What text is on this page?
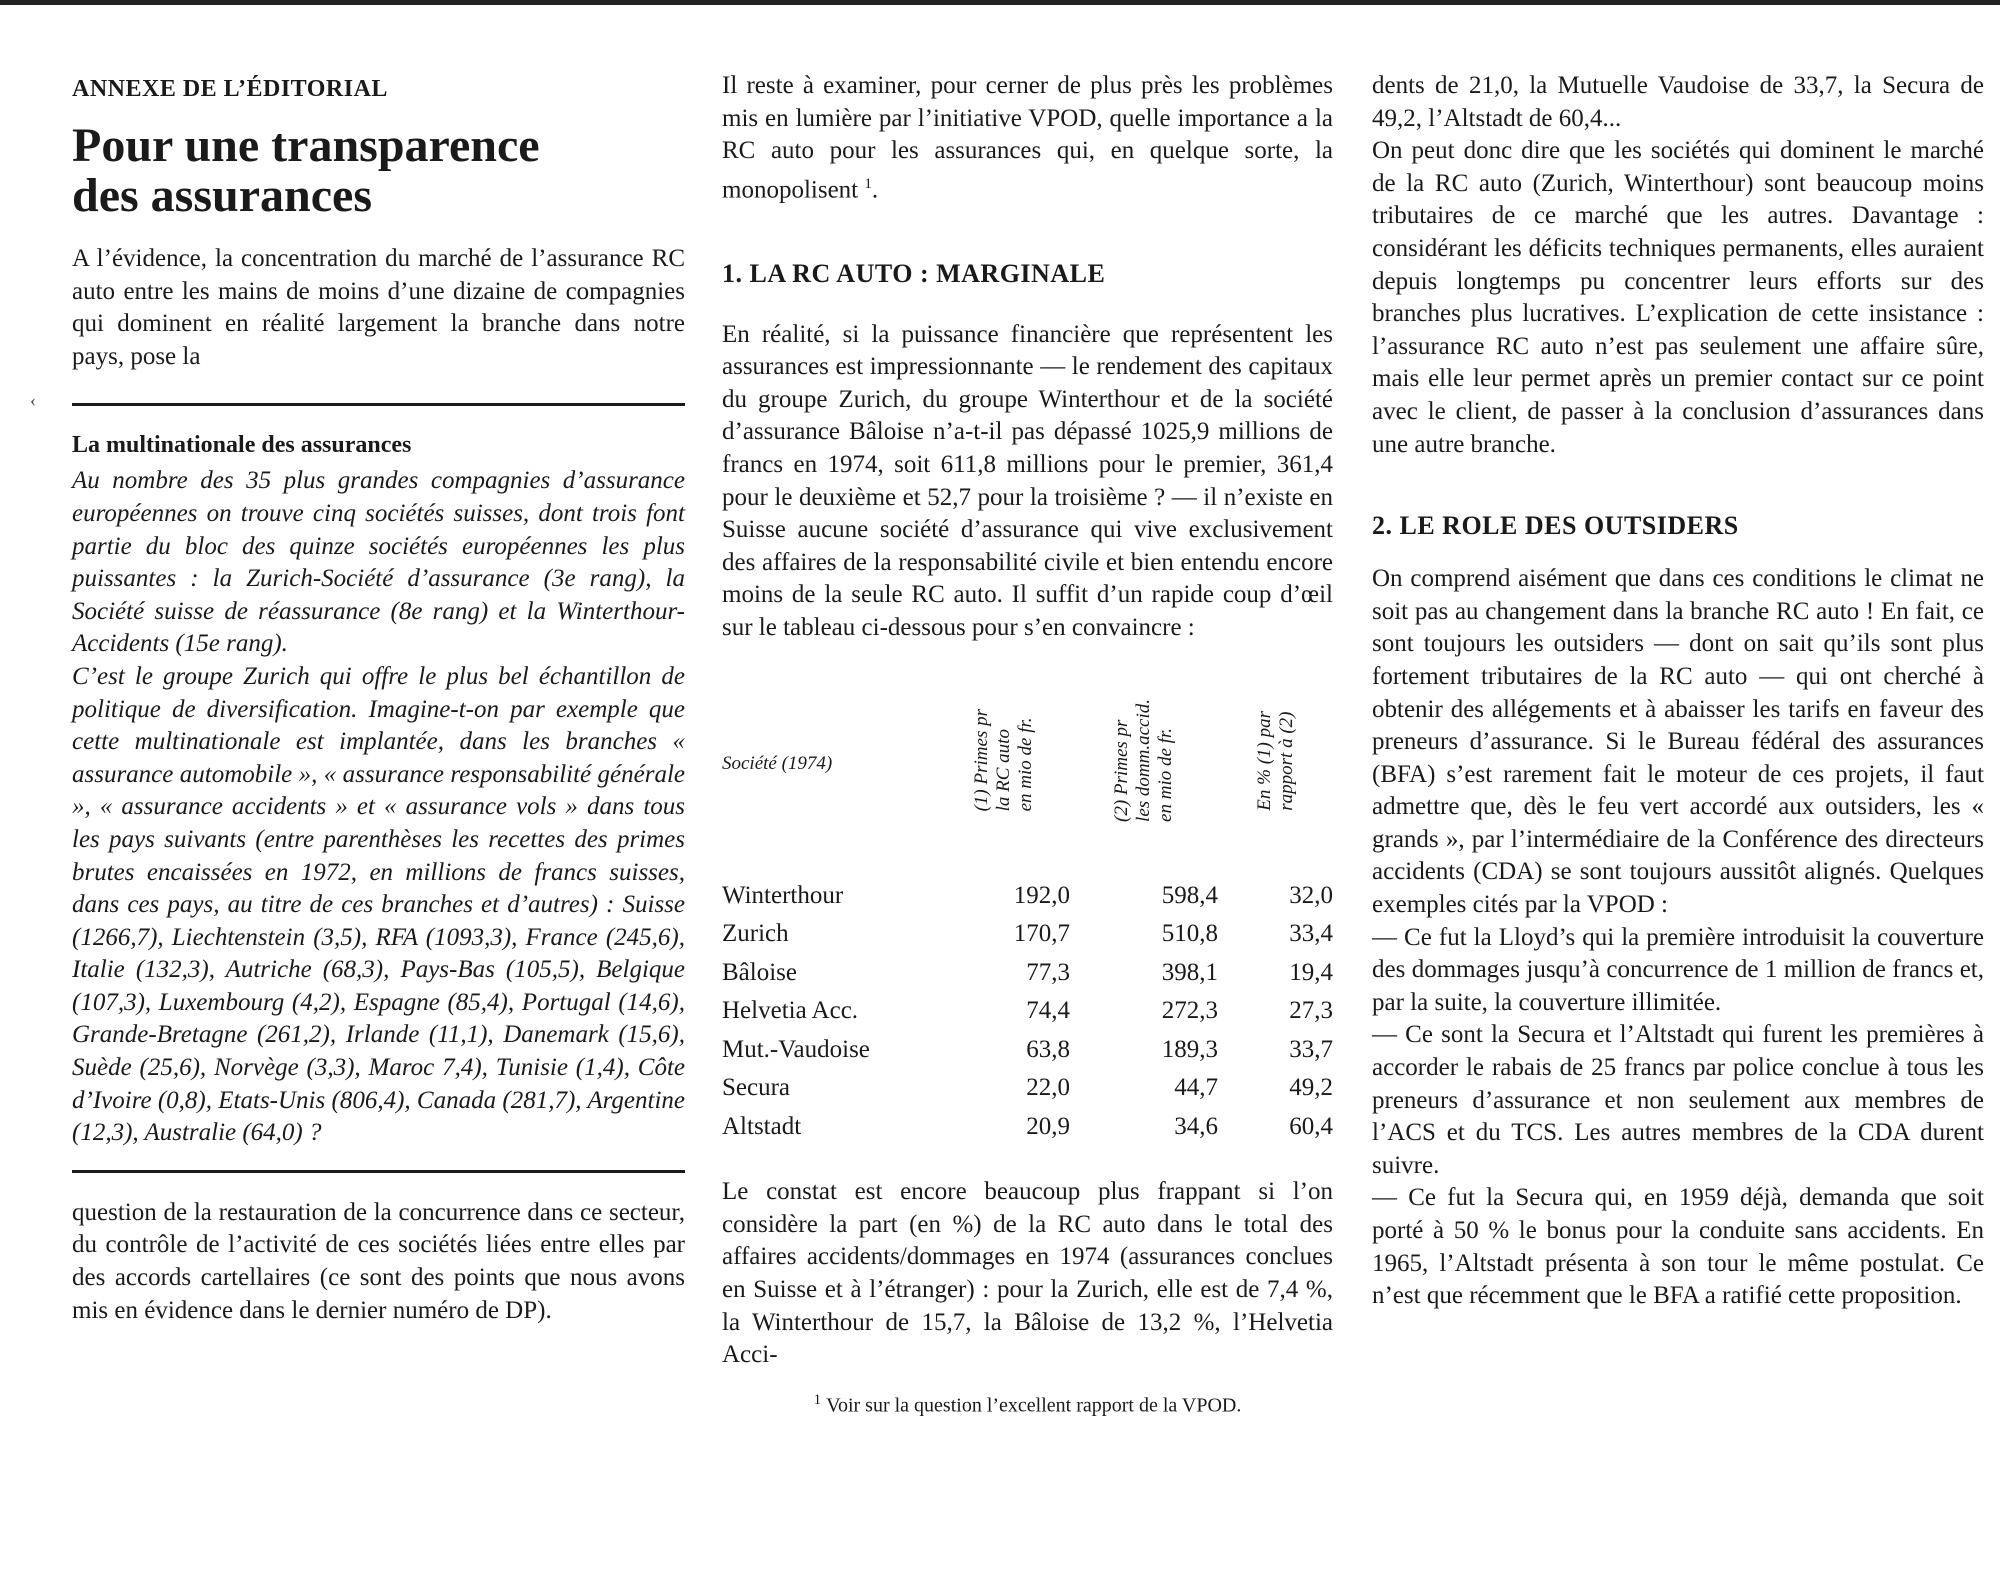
‹
ANNEXE DE L’ÉDITORIAL
Pour une transparence
des assurances

A l’évidence, la concentration du marché de l’assurance RC auto entre les mains de moins d’une dizaine de compagnies qui dominent en réalité largement la branche dans notre pays, pose la

La multinationale des assurances

Au nombre des 35 plus grandes compagnies d’assurance européennes on trouve cinq sociétés suisses, dont trois font partie du bloc des quinze sociétés européennes les plus puissantes : la Zurich-Société d’assurance (3e rang), la Société suisse de réassurance (8e rang) et la Winterthour-Accidents (15e rang).

C’est le groupe Zurich qui offre le plus bel échantillon de politique de diversification. Imagine-t-on par exemple que cette multinationale est implantée, dans les branches « assurance automobile », « assurance responsabilité générale », « assurance accidents » et « assurance vols » dans tous les pays suivants (entre parenthèses les recettes des primes brutes encaissées en 1972, en millions de francs suisses, dans ces pays, au titre de ces branches et d’autres) : Suisse (1266,7), Liechtenstein (3,5), RFA (1093,3), France (245,6), Italie (132,3), Autriche (68,3), Pays-Bas (105,5), Belgique (107,3), Luxembourg (4,2), Espagne (85,4), Portugal (14,6), Grande-Bretagne (261,2), Irlande (11,1), Danemark (15,6), Suède (25,6), Norvège (3,3), Maroc 7,4), Tunisie (1,4), Côte d’Ivoire (0,8), Etats-Unis (806,4), Canada (281,7), Argentine (12,3), Australie (64,0) ?

question de la restauration de la concurrence dans ce secteur, du contrôle de l’activité de ces sociétés liées entre elles par des accords cartellaires (ce sont des points que nous avons mis en évidence dans le dernier numéro de DP).

Il reste à examiner, pour cerner de plus près les problèmes mis en lumière par l’initiative VPOD, quelle importance a la RC auto pour les assurances qui, en quelque sorte, la monopolisent $^1$.

1. LA RC AUTO : MARGINALE

En réalité, si la puissance financière que représentent les assurances est impressionnante — le rendement des capitaux du groupe Zurich, du groupe Winterthour et de la société d’assurance Bâloise n’a-t-il pas dépassé 1025,9 millions de francs en 1974, soit 611,8 millions pour le premier, 361,4 pour le deuxième et 52,7 pour la troisième ? — il n’existe en Suisse aucune société d’assurance qui vive exclusivement des affaires de la responsabilité civile et bien entendu encore moins de la seule RC auto. Il suffit d’un rapide coup d’œil sur le tableau ci-dessous pour s’en convaincre :

Société (1974)	(1) Primes pr
la RC auto
en mio de fr.	(2) Primes pr
les domm.accid.
en mio de fr.	En % (1) par
rapport à (2)
Winterthour	192,0	598,4	32,0
Zurich	170,7	510,8	33,4
Bâloise	77,3	398,1	19,4
Helvetia Acc.	74,4	272,3	27,3
Mut.-Vaudoise	63,8	189,3	33,7
Secura	22,0	44,7	49,2
Altstadt	20,9	34,6	60,4

Le constat est encore beaucoup plus frappant si l’on considère la part (en %) de la RC auto dans le total des affaires accidents/dommages en 1974 (assurances conclues en Suisse et à l’étranger) : pour la Zurich, elle est de 7,4 %, la Winterthour de 15,7, la Bâloise de 13,2 %, l’Helvetia Acci-

$^1$ Voir sur la question l’excellent rapport de la VPOD.

dents de 21,0, la Mutuelle Vaudoise de 33,7, la Secura de 49,2, l’Altstadt de 60,4...

On peut donc dire que les sociétés qui dominent le marché de la RC auto (Zurich, Winterthour) sont beaucoup moins tributaires de ce marché que les autres. Davantage : considérant les déficits techniques permanents, elles auraient depuis longtemps pu concentrer leurs efforts sur des branches plus lucratives. L’explication de cette insistance : l’assurance RC auto n’est pas seulement une affaire sûre, mais elle leur permet après un premier contact sur ce point avec le client, de passer à la conclusion d’assurances dans une autre branche.

2. LE ROLE DES OUTSIDERS

On comprend aisément que dans ces conditions le climat ne soit pas au changement dans la branche RC auto ! En fait, ce sont toujours les outsiders — dont on sait qu’ils sont plus fortement tributaires de la RC auto — qui ont cherché à obtenir des allégements et à abaisser les tarifs en faveur des preneurs d’assurance. Si le Bureau fédéral des assurances (BFA) s’est rarement fait le moteur de ces projets, il faut admettre que, dès le feu vert accordé aux outsiders, les « grands », par l’intermédiaire de la Conférence des directeurs accidents (CDA) se sont toujours aussitôt alignés. Quelques exemples cités par la VPOD :

— Ce fut la Lloyd’s qui la première introduisit la couverture des dommages jusqu’à concurrence de 1 million de francs et, par la suite, la couverture illimitée.

— Ce sont la Secura et l’Altstadt qui furent les premières à accorder le rabais de 25 francs par police conclue à tous les preneurs d’assurance et non seulement aux membres de l’ACS et du TCS. Les autres membres de la CDA durent suivre.

— Ce fut la Secura qui, en 1959 déjà, demanda que soit porté à 50 % le bonus pour la conduite sans accidents. En 1965, l’Altstadt présenta à son tour le même postulat. Ce n’est que récemment que le BFA a ratifié cette proposition.
